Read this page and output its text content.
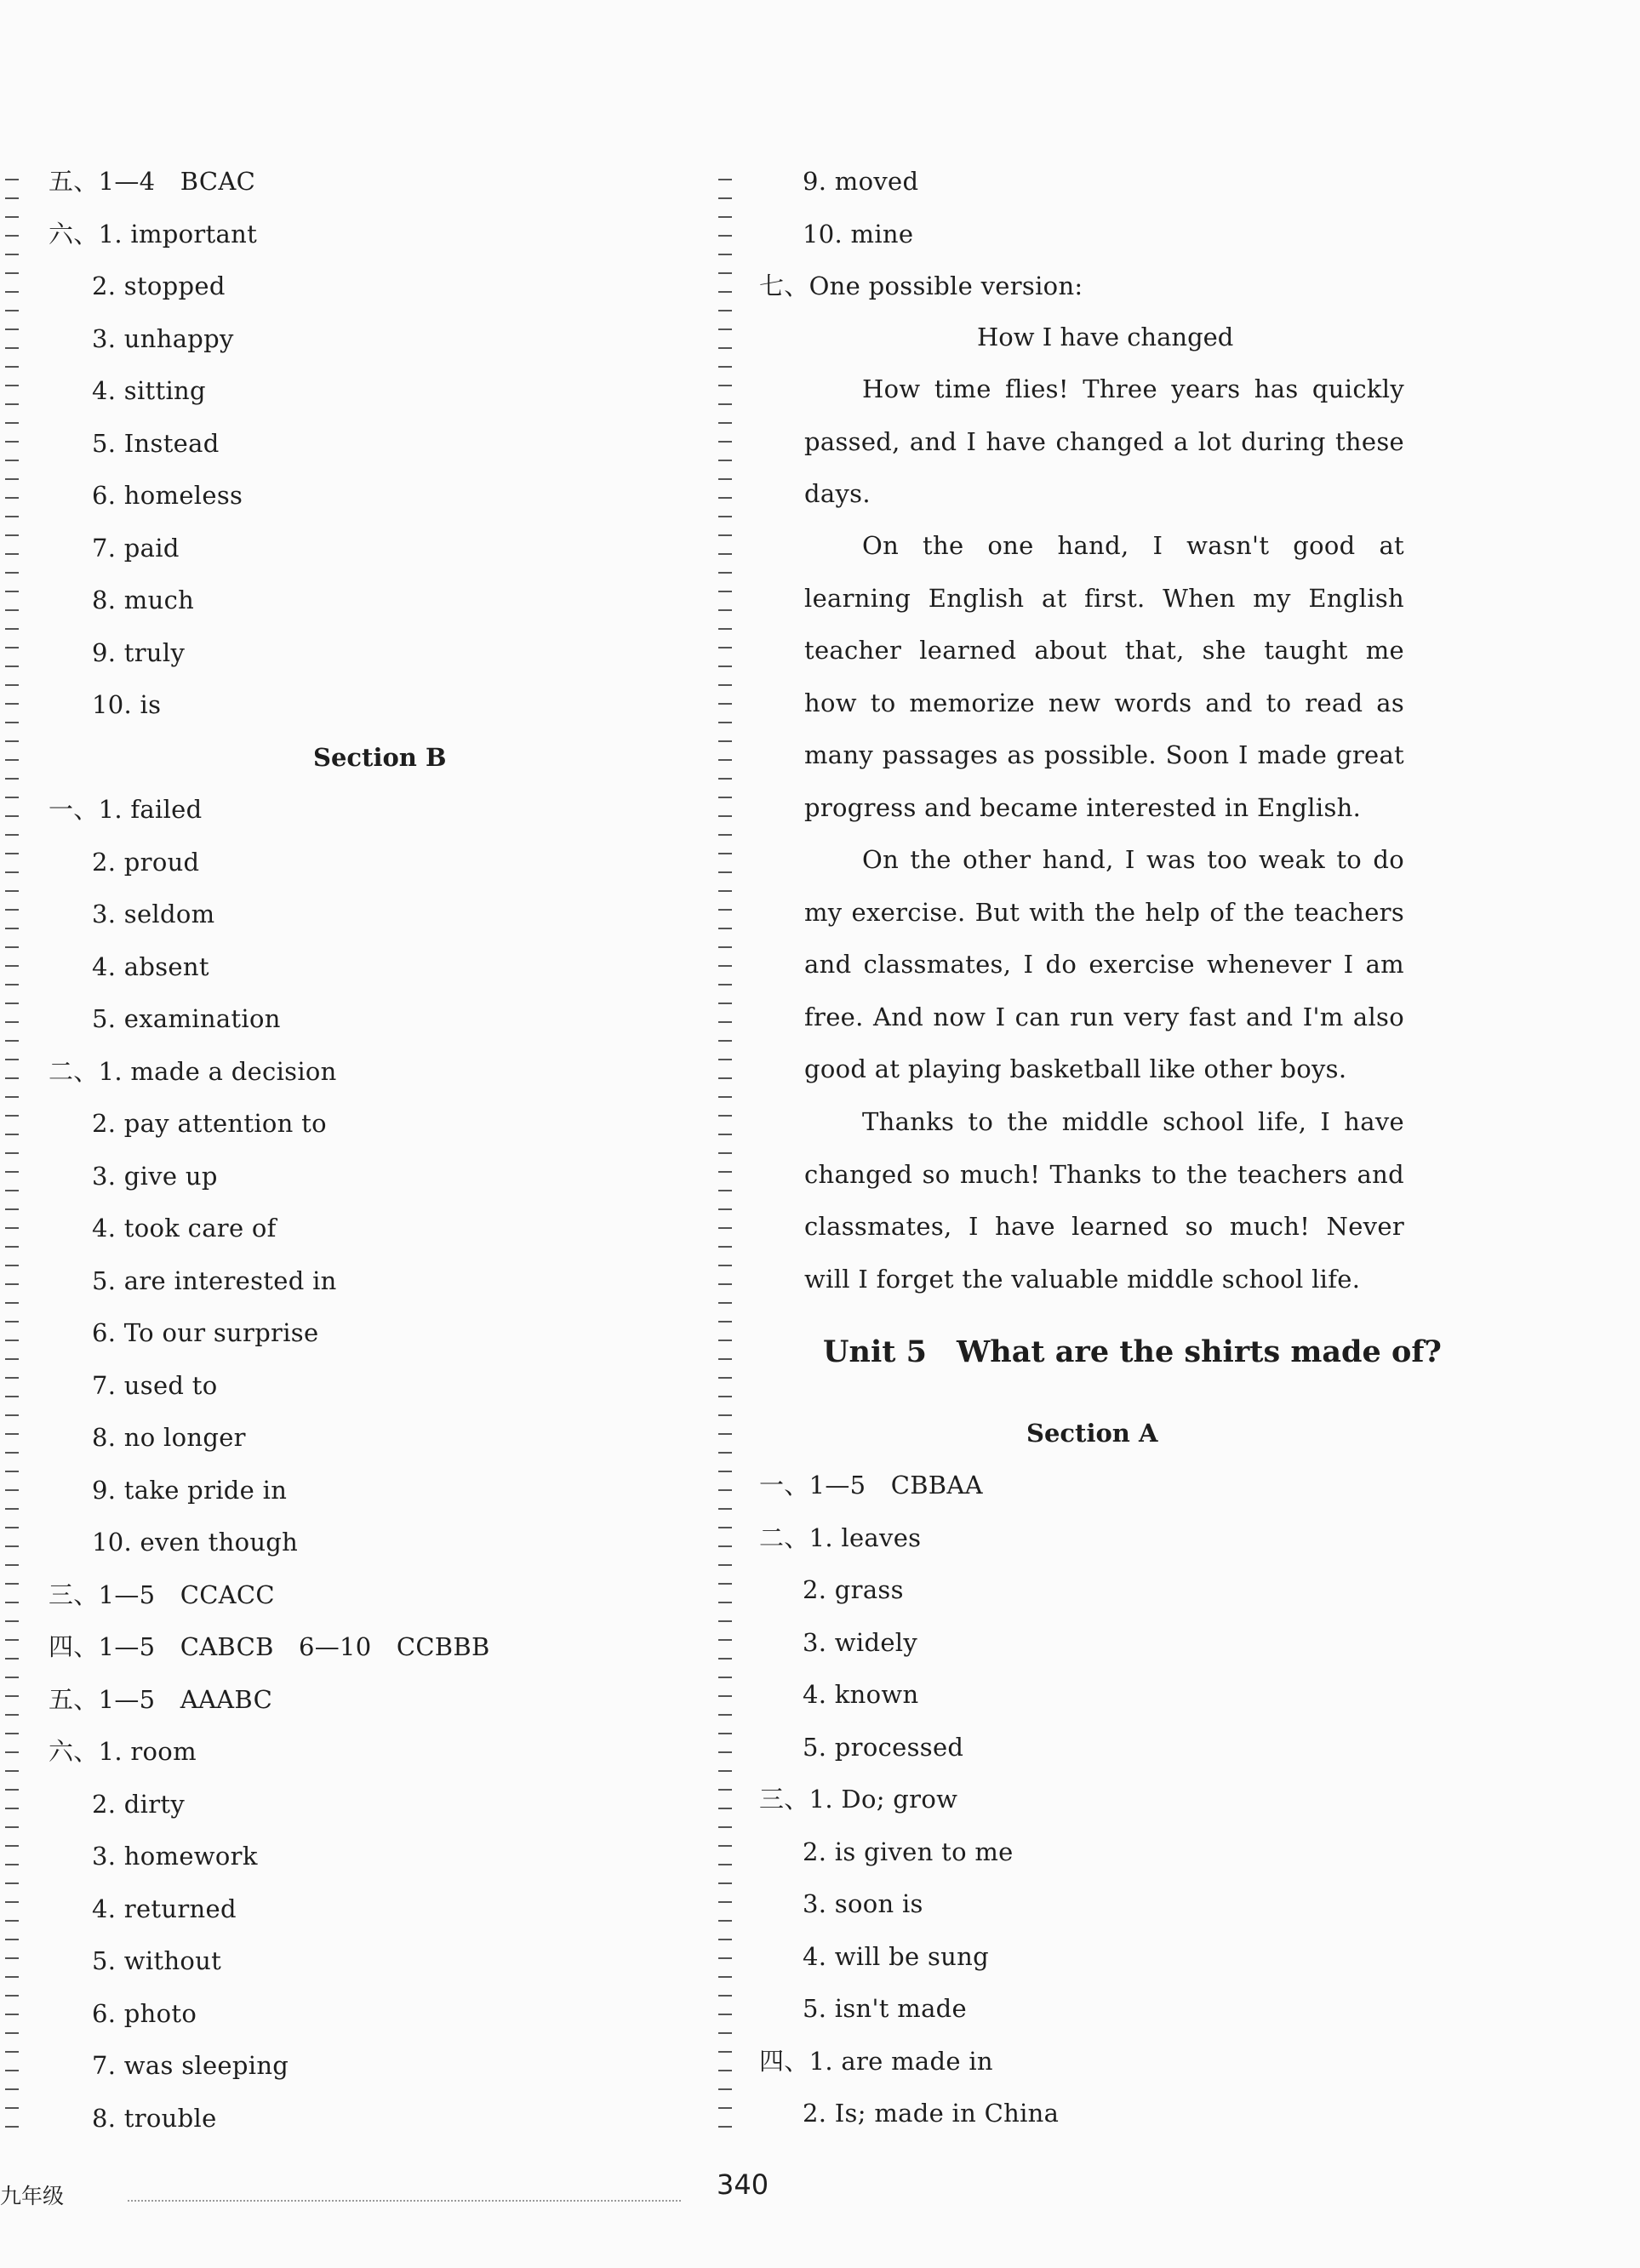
五、1—4　BCAC
六、1. important
2. stopped
3. unhappy
4. sitting
5. Instead
6. homeless
7. paid
8. much
9. truly
10. is
Section B
一、1. failed
2. proud
3. seldom
4. absent
5. examination
二、1. made a decision
2. pay attention to
3. give up
4. took care of
5. are interested in
6. To our surprise
7. used to
8. no longer
9. take pride in
10. even though
三、1—5　CCACC
四、1—5　CABCB　6—10　CCBBB
五、1—5　AAABC
六、1. room
2. dirty
3. homework
4. returned
5. without
6. photo
7. was sleeping
8. trouble
9. moved
10. mine
七、One possible version:
How I have changed
How time flies! Three years has quickly passed, and I have changed a lot during these days.
On the one hand, I wasn't good at learning English at first. When my English teacher learned about that, she taught me how to memorize new words and to read as many passages as possible. Soon I made great progress and became interested in English.
On the other hand, I was too weak to do my exercise. But with the help of the teachers and classmates, I do exercise whenever I am free. And now I can run very fast and I'm also good at playing basketball like other boys.
Thanks to the middle school life, I have changed so much! Thanks to the teachers and classmates, I have learned so much! Never will I forget the valuable middle school life.
Unit 5　What are the shirts made of?
Section A
一、1—5　CBBAA
二、1. leaves
2. grass
3. widely
4. known
5. processed
三、1. Do; grow
2. is given to me
3. soon is
4. will be sung
5. isn't made
四、1. are made in
2. Is; made in China
九年级	340
